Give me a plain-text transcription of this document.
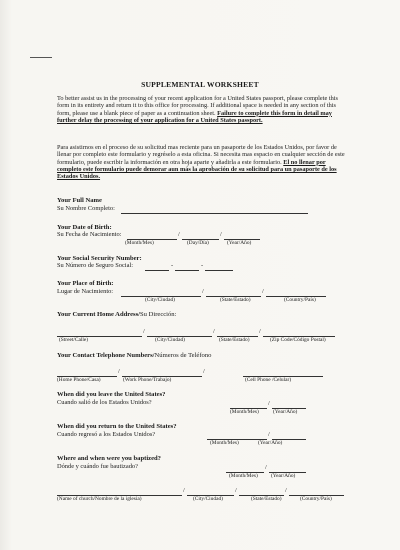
SUPPLEMENTAL WORKSHEET
To better assist us in the processing of your recent application for a United States passport, please complete this form in its entirety and return it to this office for processing. If additional space is needed in any section of this form, please use a blank piece of paper as a continuation sheet. Failure to complete this form in detail may further delay the processing of your application for a United States passport.
Para asistirnos en el proceso de su solicitud mas reciente para un pasaporte de los Estados Unidos, por favor de llenar por completo este formulario y regréselo a esta oficina. Si necesita mas espacio en cualquier sección de este formulario, puede escribir la información en otra hoja aparte y añadirla a este formulario. El no llenar por completo este formulario puede demorar aun más la aprobación de su solicitud para un pasaporte de los Estados Unidos.
Your Full Name
Su Nombre Completo:
Your Date of Birth:
Su Fecha de Nacimiento:	/	/
(Month/Mes)	(Day/Día)	(Year/Año)
Your Social Security Number:
Su Número de Seguro Social:	-	-
Your Place of Birth:
Lugar de Nacimiento:	/	/
(City/Ciudad)	(State/Estado)	(Country/País)
Your Current Home Address/Su Dirección:
/	/	/
(Street/Calle)	(City/Ciudad)	(State/Estado)	(Zip Code/Código Postal)
Your Contact Telephone Numbers/Números de Teléfono
/	/
(Home Phone/Casa)	(Work Phone/Trabajo)	(Cell Phone /Celular)
When did you leave the United States?
Cuando salió de los Estados Unidos?	/
(Month/Mes)	(Year/Año)
When did you return to the United States?
Cuando regresó a los Estados Unidos?	/
(Month/Mes)	(Year/Año)
Where and when were you baptized?
Dónde y cuándo fue bautizado?	/
(Month/Mes) (Year/Año)
/	/	/
(Name of church/Nombre de la iglesia)	(City/Ciudad)	(State/Estado)	(Country/País)
